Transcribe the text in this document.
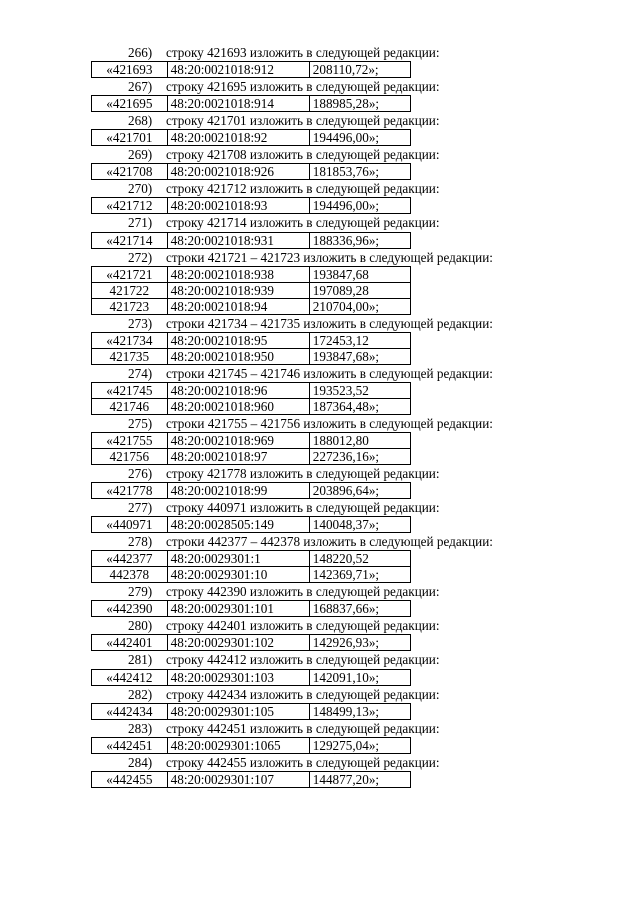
266) строку 421693 изложить в следующей редакции:
«421693	48:20:0021018:912	208110,72»;
267) строку 421695 изложить в следующей редакции:
«421695	48:20:0021018:914	188985,28»;
268) строку 421701 изложить в следующей редакции:
«421701	48:20:0021018:92	194496,00»;
269) строку 421708 изложить в следующей редакции:
«421708	48:20:0021018:926	181853,76»;
270) строку 421712 изложить в следующей редакции:
«421712	48:20:0021018:93	194496,00»;
271) строку 421714 изложить в следующей редакции:
«421714	48:20:0021018:931	188336,96»;
272) строки 421721 – 421723 изложить в следующей редакции:
«421721	48:20:0021018:938	193847,68
421722	48:20:0021018:939	197089,28
421723	48:20:0021018:94	210704,00»;
273) строки 421734 – 421735 изложить в следующей редакции:
«421734	48:20:0021018:95	172453,12
421735	48:20:0021018:950	193847,68»;
274) строки 421745 – 421746 изложить в следующей редакции:
«421745	48:20:0021018:96	193523,52
421746	48:20:0021018:960	187364,48»;
275) строки 421755 – 421756 изложить в следующей редакции:
«421755	48:20:0021018:969	188012,80
421756	48:20:0021018:97	227236,16»;
276) строку 421778 изложить в следующей редакции:
«421778	48:20:0021018:99	203896,64»;
277) строку 440971 изложить в следующей редакции:
«440971	48:20:0028505:149	140048,37»;
278) строки 442377 – 442378 изложить в следующей редакции:
«442377	48:20:0029301:1	148220,52
442378	48:20:0029301:10	142369,71»;
279) строку 442390 изложить в следующей редакции:
«442390	48:20:0029301:101	168837,66»;
280) строку 442401 изложить в следующей редакции:
«442401	48:20:0029301:102	142926,93»;
281) строку 442412 изложить в следующей редакции:
«442412	48:20:0029301:103	142091,10»;
282) строку 442434 изложить в следующей редакции:
«442434	48:20:0029301:105	148499,13»;
283) строку 442451 изложить в следующей редакции:
«442451	48:20:0029301:1065	129275,04»;
284) строку 442455 изложить в следующей редакции:
«442455	48:20:0029301:107	144877,20»;
